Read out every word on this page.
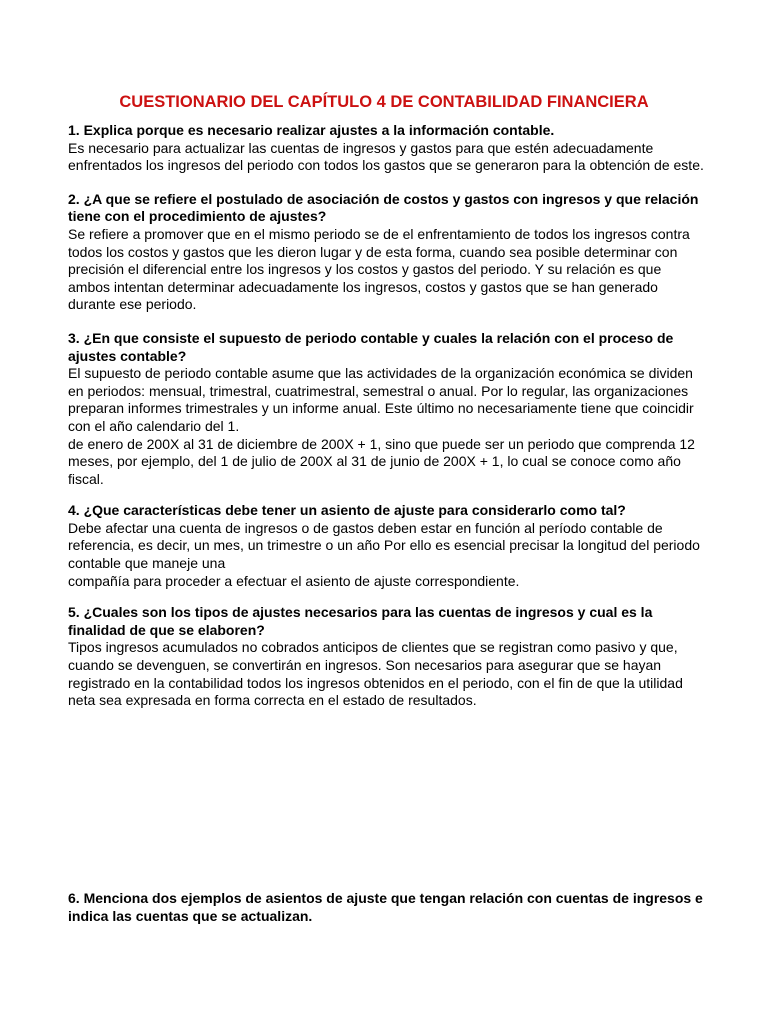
CUESTIONARIO DEL CAPÍTULO 4 DE CONTABILIDAD FINANCIERA
1. Explica porque es necesario realizar ajustes a la información contable.
Es necesario para actualizar las cuentas de ingresos y gastos para que estén adecuadamente enfrentados los ingresos del periodo con todos los gastos que se generaron para la obtención de este.
2. ¿A que se refiere el postulado de asociación de costos y gastos con ingresos y que relación tiene con el procedimiento de ajustes?
Se refiere a promover que en el mismo periodo se de el enfrentamiento de todos los ingresos contra todos los costos y gastos que les dieron lugar y de esta forma, cuando sea posible determinar con precisión el diferencial entre los ingresos y los costos y gastos del periodo. Y su relación es que ambos intentan determinar adecuadamente los ingresos, costos y gastos que se han generado durante ese periodo.
3. ¿En que consiste el supuesto de periodo contable y cuales la relación con el proceso de ajustes contable?
El supuesto de periodo contable asume que las actividades de la organización económica se dividen en periodos: mensual, trimestral, cuatrimestral, semestral o anual. Por lo regular, las organizaciones preparan informes trimestrales y un informe anual. Este último no necesariamente tiene que coincidir con el año calendario del 1.
de enero de 200X al 31 de diciembre de 200X + 1, sino que puede ser un periodo que comprenda 12 meses, por ejemplo, del 1 de julio de 200X al 31 de junio de 200X + 1, lo cual se conoce como año fiscal.
4. ¿Que características debe tener un asiento de ajuste para considerarlo como tal?
Debe afectar una cuenta de ingresos o de gastos deben estar en función al período contable de referencia, es decir, un mes, un trimestre o un año Por ello es esencial precisar la longitud del periodo contable que maneje una
compañía para proceder a efectuar el asiento de ajuste correspondiente.
5. ¿Cuales son los tipos de ajustes necesarios para las cuentas de ingresos y cual es la finalidad de que se elaboren?
Tipos ingresos acumulados no cobrados anticipos de clientes que se registran como pasivo y que, cuando se devenguen, se convertirán en ingresos. Son necesarios para asegurar que se hayan registrado en la contabilidad todos los ingresos obtenidos en el periodo, con el fin de que la utilidad neta sea expresada en forma correcta en el estado de resultados.
6. Menciona dos ejemplos de asientos de ajuste que tengan relación con cuentas de ingresos e indica las cuentas que se actualizan.
